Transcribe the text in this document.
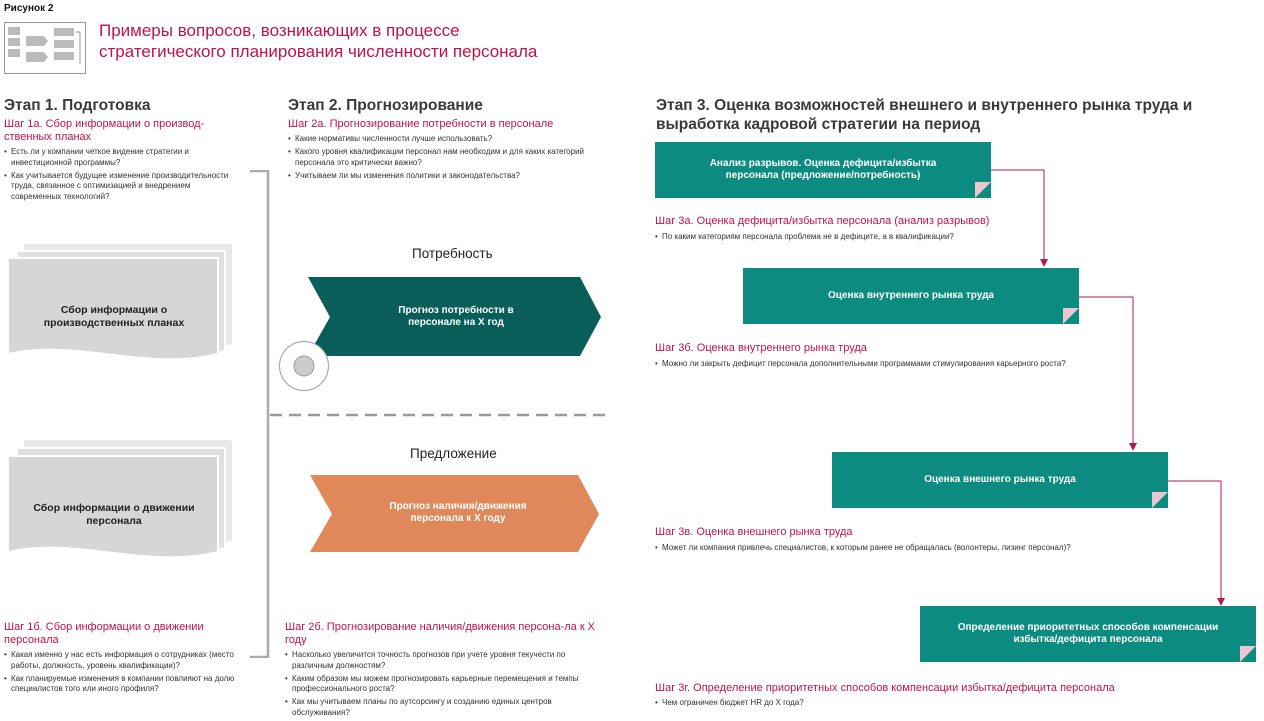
Рисунок 2
Примеры вопросов, возникающих в процессе стратегического планирования численности персонала
Этап 1. Подготовка
Шаг 1а. Сбор информации о производ-ственных планах
• Есть ли у компании четкое видение стратегии и инвестиционной программы?
• Как учитывается будущее изменение производительности труда, связанное с оптимизацией и внедрением современных технологий?
Сбор информации о производственных планах
Сбор информации о движении персонала
Шаг 1б. Сбор информации о движении персонала
• Какая именно у нас есть информация о сотрудниках (место работы, должность, уровень квалификации)?
• Как планируемые изменения в компании повлияют на долю специалистов того или иного профиля?
Этап 2. Прогнозирование
Шаг 2а. Прогнозирование потребности в персонале
• Какие нормативы численности лучше использовать?
• Какого уровня квалификации персонал нам необходим и для каких категорий персонала это критически важно?
• Учитываем ли мы изменения политики и законодательства?
Потребность
Прогноз потребности в персонале на X год
Предложение
Прогноз наличия/движения персонала к X году
Шаг 2б. Прогнозирование наличия/движения персона-ла к X году
• Насколько увеличится точность прогнозов при учете уровня текучести по различным должностям?
• Каким образом мы можем прогнозировать карьерные перемещения и темпы профессионального роста?
• Как мы учитываем планы по аутсорсингу и созданию единых центров обслуживания?
Этап 3. Оценка возможностей внешнего и внутреннего рынка труда и выработка кадровой стратегии на период
Анализ разрывов. Оценка дефицита/избытка персонала (предложение/потребность)
Шаг 3а. Оценка дефицита/избытка персонала (анализ разрывов)
• По каким категориям персонала проблема не в дефиците, а в квалификации?
Оценка внутреннего рынка труда
Шаг 3б. Оценка внутреннего рынка труда
• Можно ли закрыть дефицит персонала дополнительными программами стимулирования карьерного роста?
Оценка внешнего рынка труда
Шаг 3в. Оценка внешнего рынка труда
• Может ли компания привлечь специалистов, к которым ранее не обращалась (волонтеры, лизинг персонал)?
Определение приоритетных способов компенсации избытка/дефицита персонала
Шаг 3г. Определение приоритетных способов компенсации избытка/дефицита персонала
• Чем ограничен бюджет HR до X года?
